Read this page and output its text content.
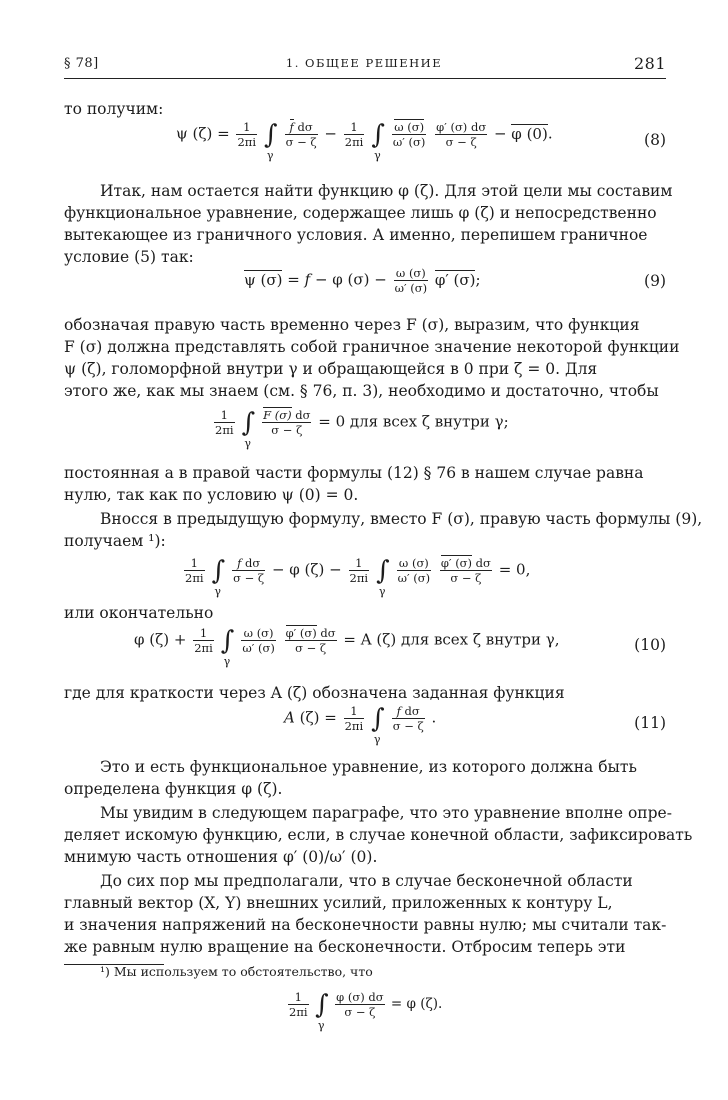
§ 78]	1. ОБЩЕЕ РЕШЕНИЕ	281
то получим:
ψ $(\zeta) = \frac{1}{2\pi i}$ ∫
γ

$\frac{\text{f dσ}}{\sigma - \zeta} - \frac{1}{2\pi i}$ ∫
γ

$\frac{\omega (\sigma)}{\omega' (\sigma)}$
$\frac{\varphi' (\sigma) d\sigma}{\sigma - \zeta} - \varphi$ (0).	(8)
Итак, нам остается найти функцию φ (ζ). Для этой цели мы составим
функциональное уравнение, содержащее лишь φ (ζ) и непосредственно
вытекающее из граничного условия. А именно, перепишем граничное
условие (5) так:
ψ (σ) = f − φ $(\sigma) - \frac{\omega (\sigma)}{\omega' (\sigma)} \varphi'$ (σ);	(9)
обозначая правую часть временно через F (σ), выразим, что функция
F (σ) должна представлять собой граничное значение некоторой функции
ψ (ζ), голоморфной внутри γ и обращающейся в 0 при ζ = 0. Для
этого же, как мы знаем (см. § 76, п. 3), необходимо и достаточно, чтобы
$\frac{1}{2\pi i}$ ∫
γ

$\frac{F (\sigma) d\sigma}{\sigma - \zeta} = 0$ для всех ζ внутри γ;
постоянная a в правой части формулы (12) § 76 в нашем случае равна
нулю, так как по условию ψ (0) = 0.
Вносся в предыдущую формулу, вместо F (σ), правую часть формулы (9),
получаем ¹):
$\frac{1}{2\pi i}$ ∫
γ

$\frac{\text{f dσ}}{\sigma - \zeta} - \varphi$ $(\zeta) - \frac{1}{2\pi i}$ ∫
γ

$\frac{\omega (\sigma)}{\omega' (\sigma)}$
$\frac{\varphi' (\sigma) d\sigma}{\sigma - \zeta} = 0$,
или окончательно
φ $(\zeta) + \frac{1}{2\pi i}$ ∫
γ

$\frac{\omega (\sigma)}{\omega' (\sigma)}$
$\frac{\varphi' (\sigma) d\sigma}{\sigma - \zeta} = A$ (ζ) для всех ζ внутри γ,	(10)
где для краткости через A (ζ) обозначена заданная функция
A $(\zeta) = \frac{1}{2\pi i}$ ∫
γ

$\frac{\text{f dσ}}{\sigma - \zeta}$ .	(11)
Это и есть функциональное уравнение, из которого должна быть
определена функция φ (ζ).
Мы увидим в следующем параграфе, что это уравнение вполне опре-
деляет искомую функцию, если, в случае конечной области, зафиксировать
мнимую часть отношения φ′ (0)/ω′ (0).
До сих пор мы предполагали, что в случае бесконечной области
главный вектор (X, Y) внешних усилий, приложенных к контуру L,
и значения напряжений на бесконечности равны нулю; мы считали так-
же равным нулю вращение на бесконечности. Отбросим теперь эти
¹) Мы используем то обстоятельство, что
$\frac{1}{2\pi i}$ ∫
γ

$\frac{\varphi (\sigma) d\sigma}{\sigma - \zeta} = \varphi$ (ζ).
